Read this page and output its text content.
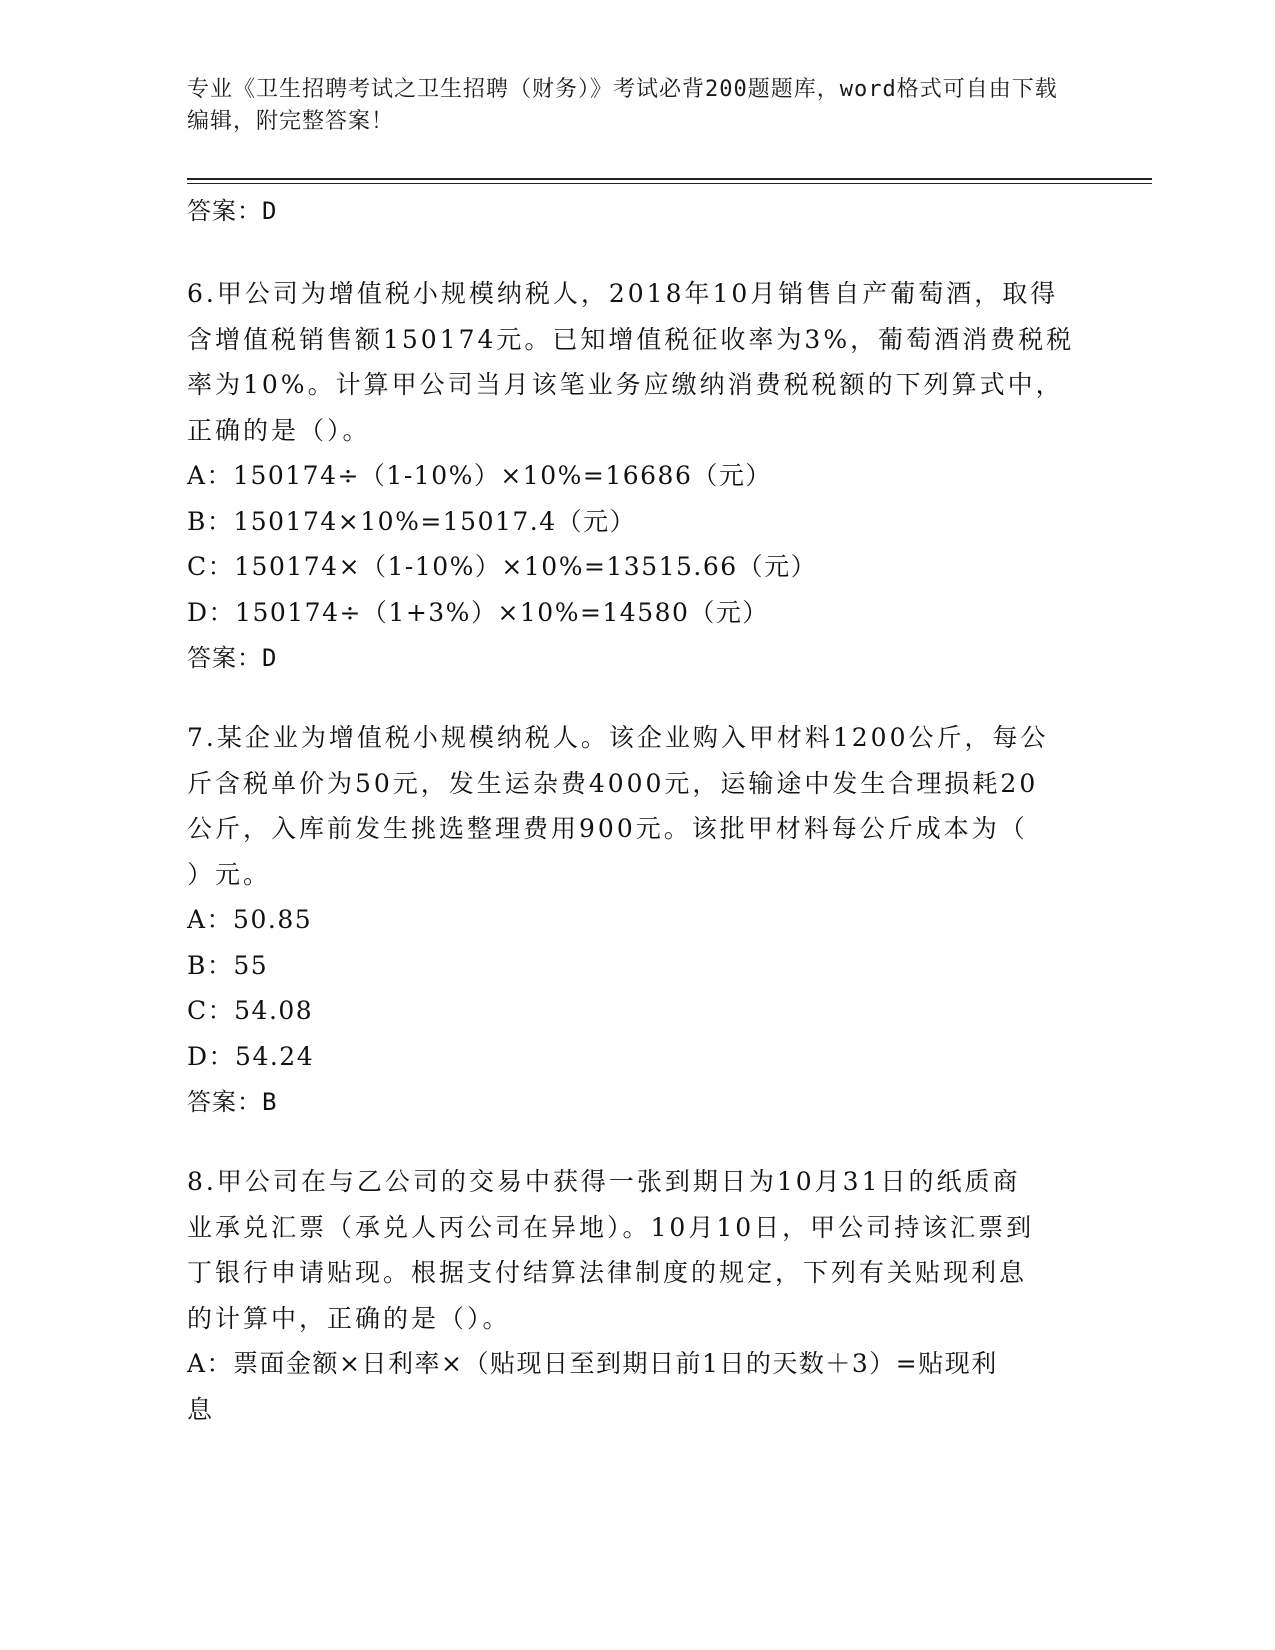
专业《卫生招聘考试之卫生招聘（财务）》考试必背200题题库，word格式可自由下载编辑，附完整答案！

答案：D

6.甲公司为增值税小规模纳税人，2018年10月销售自产葡萄酒，取得

含增值税销售额150174元。已知增值税征收率为3%，葡萄酒消费税税

率为10%。计算甲公司当月该笔业务应缴纳消费税税额的下列算式中，

正确的是（）。

A：150174÷（1-10%）×10%=16686（元）

B：150174×10%=15017.4（元）

C：150174×（1-10%）×10%=13515.66（元）

D：150174÷（1+3%）×10%=14580（元）

答案：D

7.某企业为增值税小规模纳税人。该企业购入甲材料1200公斤，每公

斤含税单价为50元，发生运杂费4000元，运输途中发生合理损耗20

公斤，入库前发生挑选整理费用900元。该批甲材料每公斤成本为（

）元。

A：50.85

B：55

C：54.08

D：54.24

答案：B

8.甲公司在与乙公司的交易中获得一张到期日为10月31日的纸质商

业承兑汇票（承兑人丙公司在异地）。10月10日，甲公司持该汇票到

丁银行申请贴现。根据支付结算法律制度的规定，下列有关贴现利息

的计算中，正确的是（）。

A：票面金额×日利率×（贴现日至到期日前1日的天数＋3）=贴现利

息
